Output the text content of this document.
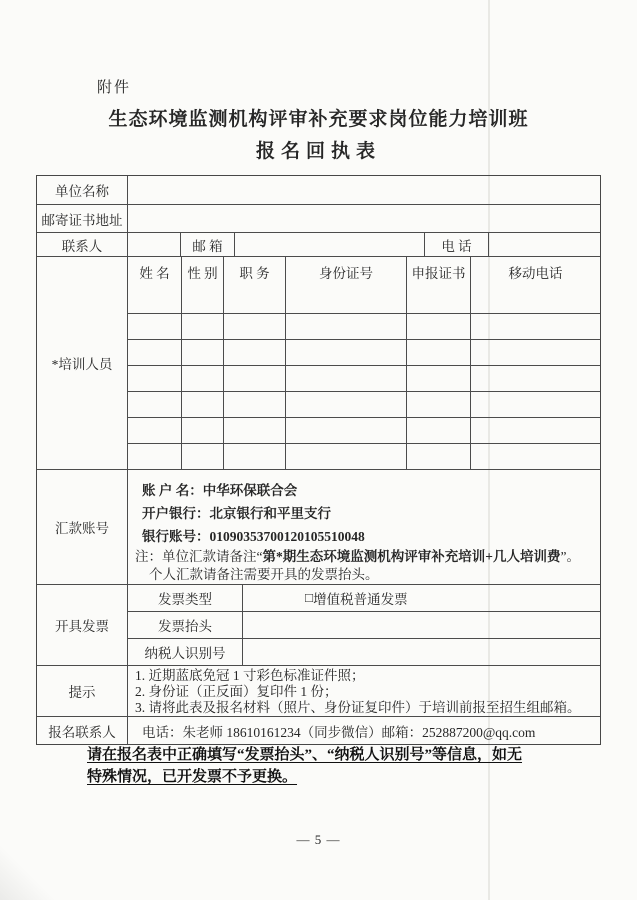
附件
生态环境监测机构评审补充要求岗位能力培训班
报名回执表
单位名称
邮寄证书地址
联系人	邮 箱	电 话
*培训人员
姓 名	性 别	职 务	身份证号	申报证书	移动电话
汇款账号
账 户 名：中华环保联合会
开户银行：北京银行和平里支行
银行账号：01090353700120105510048
注：单位汇款请备注“第*期生态环境监测机构评审补充培训+几人培训费”。
个人汇款请备注需要开具的发票抬头。
开具发票
发票类型	□ 增值税普通发票
发票抬头
纳税人识别号
提示
1. 近期蓝底免冠 1 寸彩色标准证件照；
2. 身份证（正反面）复印件 1 份；
3. 请将此表及报名材料（照片、身份证复印件）于培训前报至招生组邮箱。
报名联系人	电话：朱老师 18610161234（同步微信）邮箱：252887200@qq.com
请在报名表中正确填写“发票抬头”、“纳税人识别号”等信息，如无
特殊情况，已开发票不予更换。
— 5 —
